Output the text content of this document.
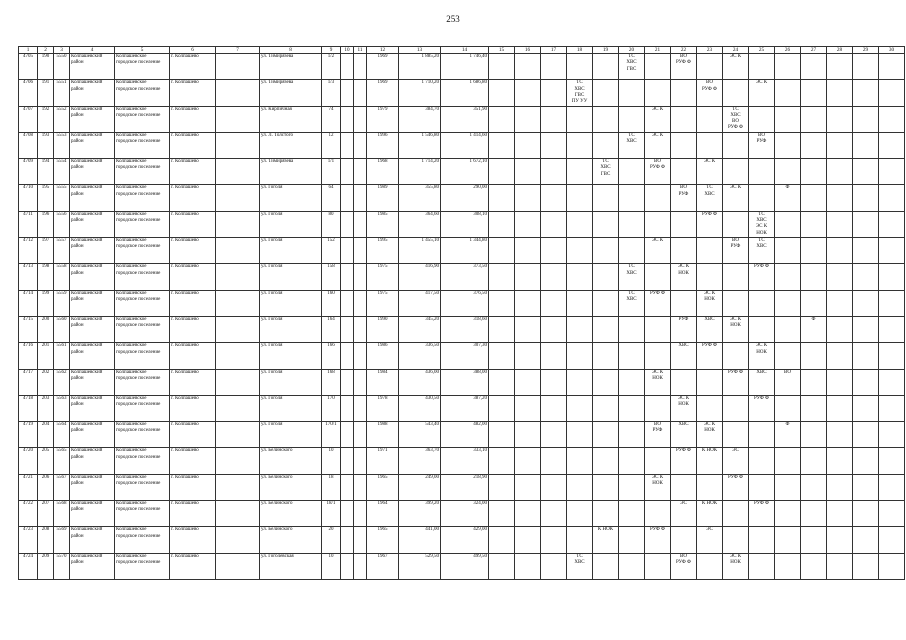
253
1	2	3	4	5	6	7	8	9	10	11	12	13	14	15	16	17	18	19	20	21	22	23	24	25	26	27	28	29	30
4705	190	5550	Колпашевский район	Колпашевское городское поселение	г. Колпашево		ул. Тимирязева	1/2			1969	1 885,20	1 746,40						ТС
ХВС
ГВС		ВО
РУФ Ф		ЭС К						
4706	191	5551	Колпашевский район	Колпашевское городское поселение	г. Колпашево		ул. Тимирязева	1/3			1969	1 710,20	1 686,80				ТС
ХВС
ГВС
ПУ УУ					ВО
РУФ Ф		ЭС К					
4707	192	5552	Колпашевский район	Колпашевское городское поселение	г. Колпашево		ул. Кирпичная	74			1979	384,70	351,90							ЭС К			ТС
ХВС
ВО
РУФ Ф						
4708	193	5553	Колпашевский район	Колпашевское городское поселение	г. Колпашево		ул. Л. Толстого	12			1996	1 546,80	1 414,60						ТС
ХВС	ЭС К				ВО
РУФ					
4709	194	5554	Колпашевский район	Колпашевское городское поселение	г. Колпашево		ул. Тимирязева	1/1			1968	1 714,20	1 672,10					ТС
ХВС
ГВС		ВО
РУФ Ф		ЭС К							
4710	195	5555	Колпашевский район	Колпашевское городское поселение	г. Колпашево		ул. Гоголя	64			1989	355,80	290,00								ВО
РУФ	ТС
ХВС	ЭС К		Ф				
4711	196	5556	Колпашевский район	Колпашевское городское поселение	г. Колпашево		ул. Гоголя	80			1985	364,60	308,10									РУФ Ф		ТС
ХВС
ЭС К
НОК					
4712	197	5557	Колпашевский район	Колпашевское городское поселение	г. Колпашево		ул. Гоголя	152			1995	1 455,10	1 344,80							ЭС К			ВО
РУФ	ТС
ХВС					
4713	198	5558	Колпашевский район	Колпашевское городское поселение	г. Колпашево		ул. Гоголя	158			1975	416,90	373,50						ТС
ХВС		ЭС К
НОК			РУФ Ф					
4714	199	5559	Колпашевский район	Колпашевское городское поселение	г. Колпашево		ул. Гоголя	160			1975	417,50	376,50						ТС
ХВС	РУФ Ф		ЭС К
НОК							
4715	200	5560	Колпашевский район	Колпашевское городское поселение	г. Колпашево		ул. Гоголя	164			1990	345,20	318,60								РУФ	ХВС	ЭС К
НОК			Ф			
4716	201	5561	Колпашевский район	Колпашевское городское поселение	г. Колпашево		ул. Гоголя	166			1986	336,50	307,30								ХВС	РУФ Ф		ЭС К
НОК					
4717	202	5562	Колпашевский район	Колпашевское городское поселение	г. Колпашево		ул. Гоголя	168			1984	436,00	388,00							ЭС К
НОК			РУФ Ф	ХВС	ВО				
4718	203	5563	Колпашевский район	Колпашевское городское поселение	г. Колпашево		ул. Гоголя	170			1978	430,50	387,20								ЭС К
НОК			РУФ Ф					
4719	204	5564	Колпашевский район	Колпашевское городское поселение	г. Колпашево		ул. Гоголя	170/1			1988	543,40	482,00							ВО
РУФ	ХВС	ЭС К
НОК			Ф				
4720	205	5565	Колпашевский район	Колпашевское городское поселение	г. Колпашево		ул. Белинского	10			1971	363,70	333,10								РУФ Ф	К НОК	ЭС						
4721	206	5567	Колпашевский район	Колпашевское городское поселение	г. Колпашево		ул. Белинского	18			1965	249,00	218,90							ЭС К
НОК			РУФ Ф						
4722	207	5568	Колпашевский район	Колпашевское городское поселение	г. Колпашево		ул. Белинского	18/1			1964	399,20	324,00								ЭС	К НОК		РУФ Ф					
4723	208	5569	Колпашевский район	Колпашевское городское поселение	г. Колпашево		ул. Белинского	20			1965	441,00	429,00					К НОК		РУФ Ф		ЭС							
4724	209	5570	Колпашевский район	Колпашевское городское поселение	г. Колпашево		ул. Гоголевская	10			1967	529,50	499,50				ТС
ХВС				ВО
РУФ Ф		ЭС К
НОК						
